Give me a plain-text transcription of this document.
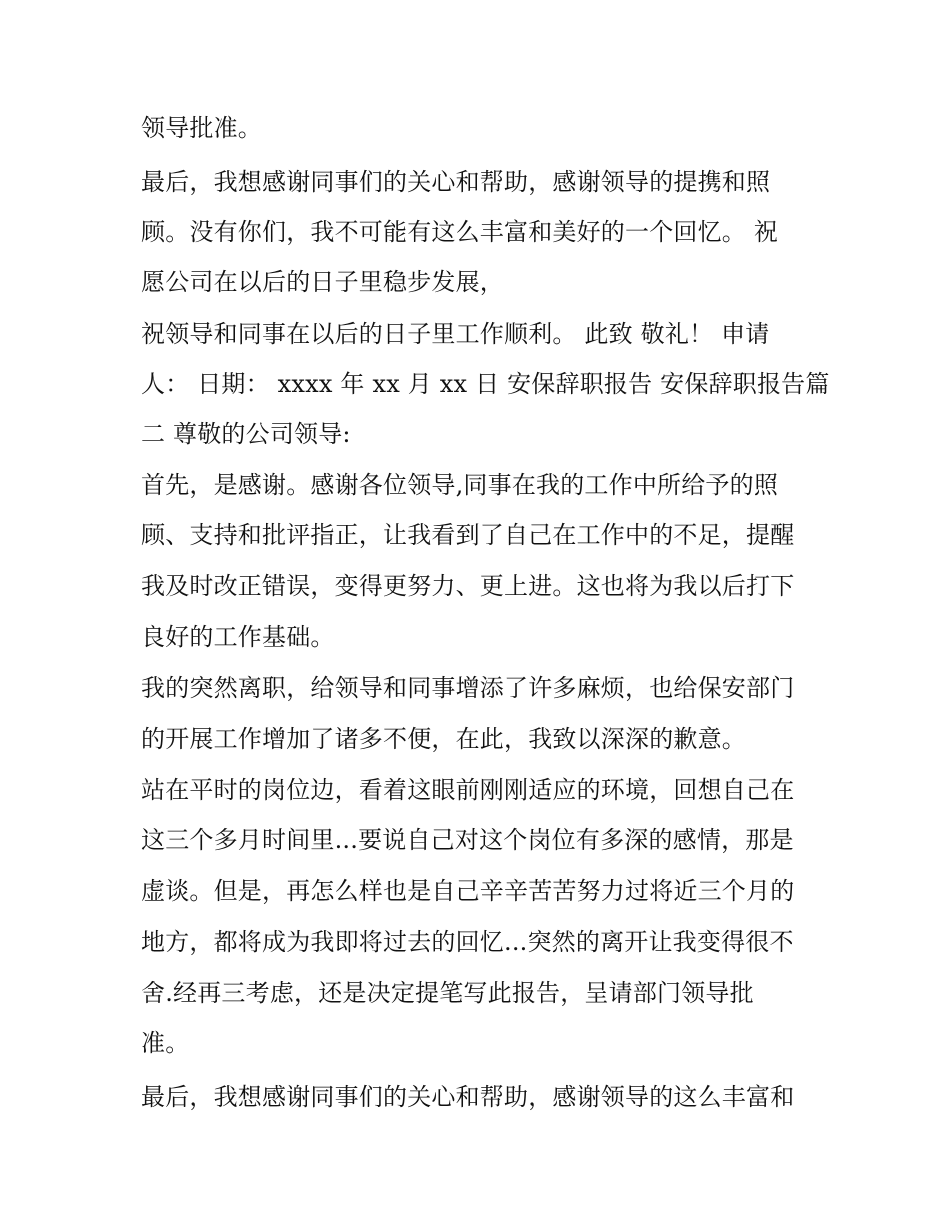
领导批准。
最后，我想感谢同事们的关心和帮助，感谢领导的提携和照
顾。没有你们，我不可能有这么丰富和美好的一个回忆。 祝
愿公司在以后的日子里稳步发展，
祝领导和同事在以后的日子里工作顺利。 此致 敬礼！ 申请
人： 日期： xxxx 年 xx 月 xx 日 安保辞职报告 安保辞职报告篇
二 尊敬的公司领导:
首先，是感谢。感谢各位领导,同事在我的工作中所给予的照
顾、支持和批评指正，让我看到了自己在工作中的不足，提醒
我及时改正错误，变得更努力、更上进。这也将为我以后打下
良好的工作基础。
我的突然离职，给领导和同事增添了许多麻烦，也给保安部门
的开展工作增加了诸多不便，在此，我致以深深的歉意。
站在平时的岗位边，看着这眼前刚刚适应的环境，回想自己在
这三个多月时间里...要说自己对这个岗位有多深的感情，那是
虚谈。但是，再怎么样也是自己辛辛苦苦努力过将近三个月的
地方，都将成为我即将过去的回忆...突然的离开让我变得很不
舍.经再三考虑，还是决定提笔写此报告，呈请部门领导批
准。
最后，我想感谢同事们的关心和帮助，感谢领导的这么丰富和
